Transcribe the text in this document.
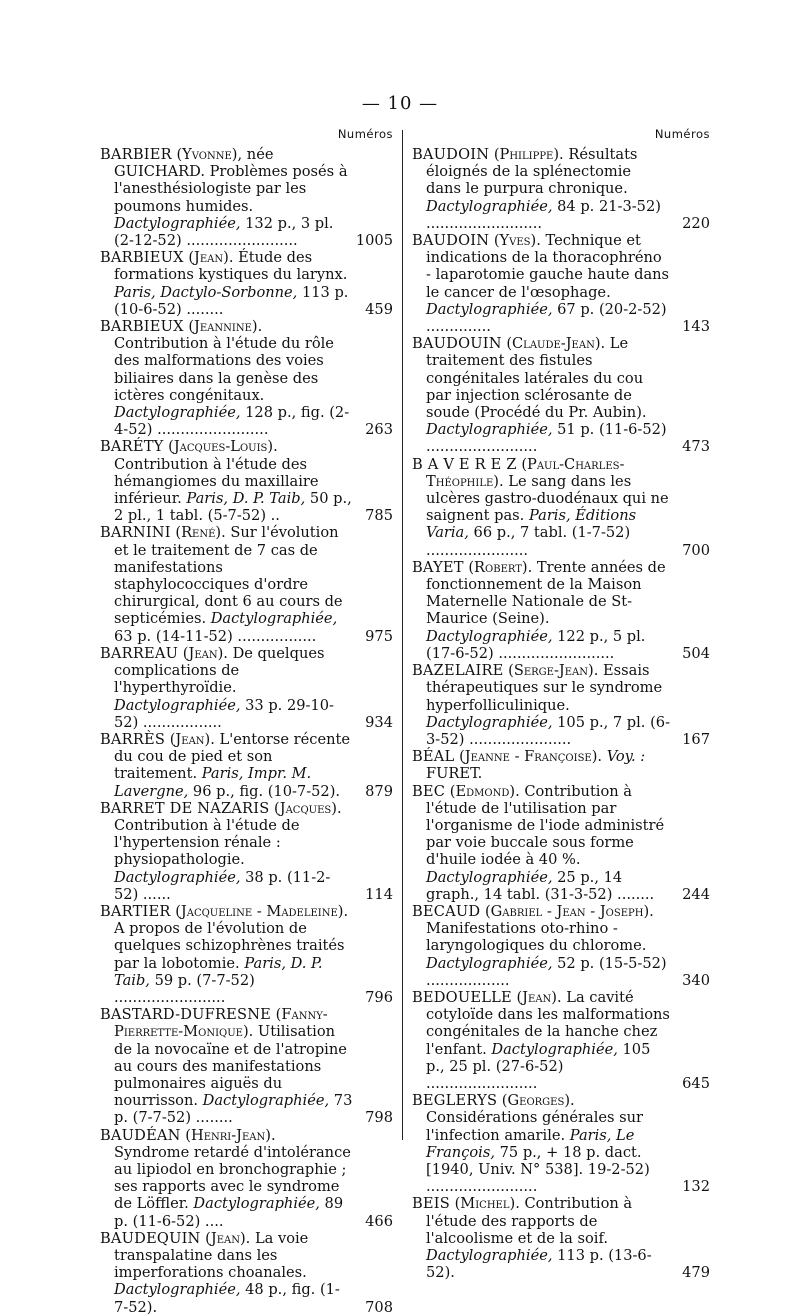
— 10 —
Numéros

BARBIER (Yvonne), née GUICHARD. Problèmes posés à l'anesthésiologiste par les poumons humides. Dactylographiée, 132 p., 3 pl. (2-12-52) ........................	1005

BARBIEUX (Jean). Étude des formations kystiques du larynx. Paris, Dactylo-Sorbonne, 113 p. (10-6-52) ........	459

BARBIEUX (Jeannine). Contribution à l'étude du rôle des malformations des voies biliaires dans la genèse des ictères congénitaux. Dactylographiée, 128 p., fig. (2-4-52) ........................	263

BARÉTY (Jacques-Louis). Contribution à l'étude des hémangiomes du maxillaire inférieur. Paris, D. P. Taib, 50 p., 2 pl., 1 tabl. (5-7-52) ..	785

BARNINI (René). Sur l'évolution et le traitement de 7 cas de manifestations staphylococciques d'ordre chirurgical, dont 6 au cours de septicémies. Dactylographiée, 63 p. (14-11-52) .................	975

BARREAU (Jean). De quelques complications de l'hyperthyroïdie. Dactylographiée, 33 p. 29-10-52) .................	934

BARRÈS (Jean). L'entorse récente du cou de pied et son traitement. Paris, Impr. M. Lavergne, 96 p., fig. (10-7-52).	879

BARRET DE NAZARIS (Jacques). Contribution à l'étude de l'hypertension rénale : physiopathologie. Dactylographiée, 38 p. (11-2-52) ......	114

BARTIER (Jacqueline - Madeleine). A propos de l'évolution de quelques schizophrènes traités par la lobotomie. Paris, D. P. Taib, 59 p. (7-7-52) ........................	796

BASTARD-DUFRESNE (Fanny-Pierrette-Monique). Utilisation de la novocaïne et de l'atropine au cours des manifestations pulmonaires aiguës du nourrisson. Dactylographiée, 73 p. (7-7-52) ........	798

BAUDÉAN (Henri-Jean). Syndrome retardé d'intolérance au lipiodol en bronchographie ; ses rapports avec le syndrome de Löffler. Dactylographiée, 89 p. (11-6-52) ....	466

BAUDEQUIN (Jean). La voie transpalatine dans les imperforations choanales. Dactylographiée, 48 p., fig. (1-7-52).	708

Numéros

BAUDOIN (Philippe). Résultats éloignés de la splénectomie dans le purpura chronique. Dactylographiée, 84 p. 21-3-52) .........................	220

BAUDOIN (Yves). Technique et indications de la thoracophréno - laparotomie gauche haute dans le cancer de l'œsophage. Dactylographiée, 67 p. (20-2-52) ..............	143

BAUDOUIN (Claude-Jean). Le traitement des fistules congénitales latérales du cou par injection sclérosante de soude (Procédé du Pr. Aubin). Dactylographiée, 51 p. (11-6-52) ........................	473

B A V E R E Z (Paul-Charles-Théophile). Le sang dans les ulcères gastro-duodénaux qui ne saignent pas. Paris, Éditions Varia, 66 p., 7 tabl. (1-7-52) ......................	700

BAYET (Robert). Trente années de fonctionnement de la Maison Maternelle Nationale de St-Maurice (Seine). Dactylographiée, 122 p., 5 pl. (17-6-52) .........................	504

BAZELAIRE (Serge-Jean). Essais thérapeutiques sur le syndrome hyperfolliculinique. Dactylographiée, 105 p., 7 pl. (6-3-52) ......................	167

BÉAL (Jeanne - Françoise). Voy. : FURET.

BEC (Edmond). Contribution à l'étude de l'utilisation par l'organisme de l'iode administré par voie buccale sous forme d'huile iodée à 40 %. Dactylographiée, 25 p., 14 graph., 14 tabl. (31-3-52) ........	244

BECAUD (Gabriel - Jean - Joseph). Manifestations oto-rhino - laryngologiques du chlorome. Dactylographiée, 52 p. (15-5-52) ..................	340

BEDOUELLE (Jean). La cavité cotyloïde dans les malformations congénitales de la hanche chez l'enfant. Dactylographiée, 105 p., 25 pl. (27-6-52) ........................	645

BEGLERYS (Georges). Considérations générales sur l'infection amarile. Paris, Le François, 75 p., + 18 p. dact. [1940, Univ. N° 538]. 19-2-52) ........................	132

BEIS (Michel). Contribution à l'étude des rapports de l'alcoolisme et de la soif. Dactylographiée, 113 p. (13-6-52).	479
